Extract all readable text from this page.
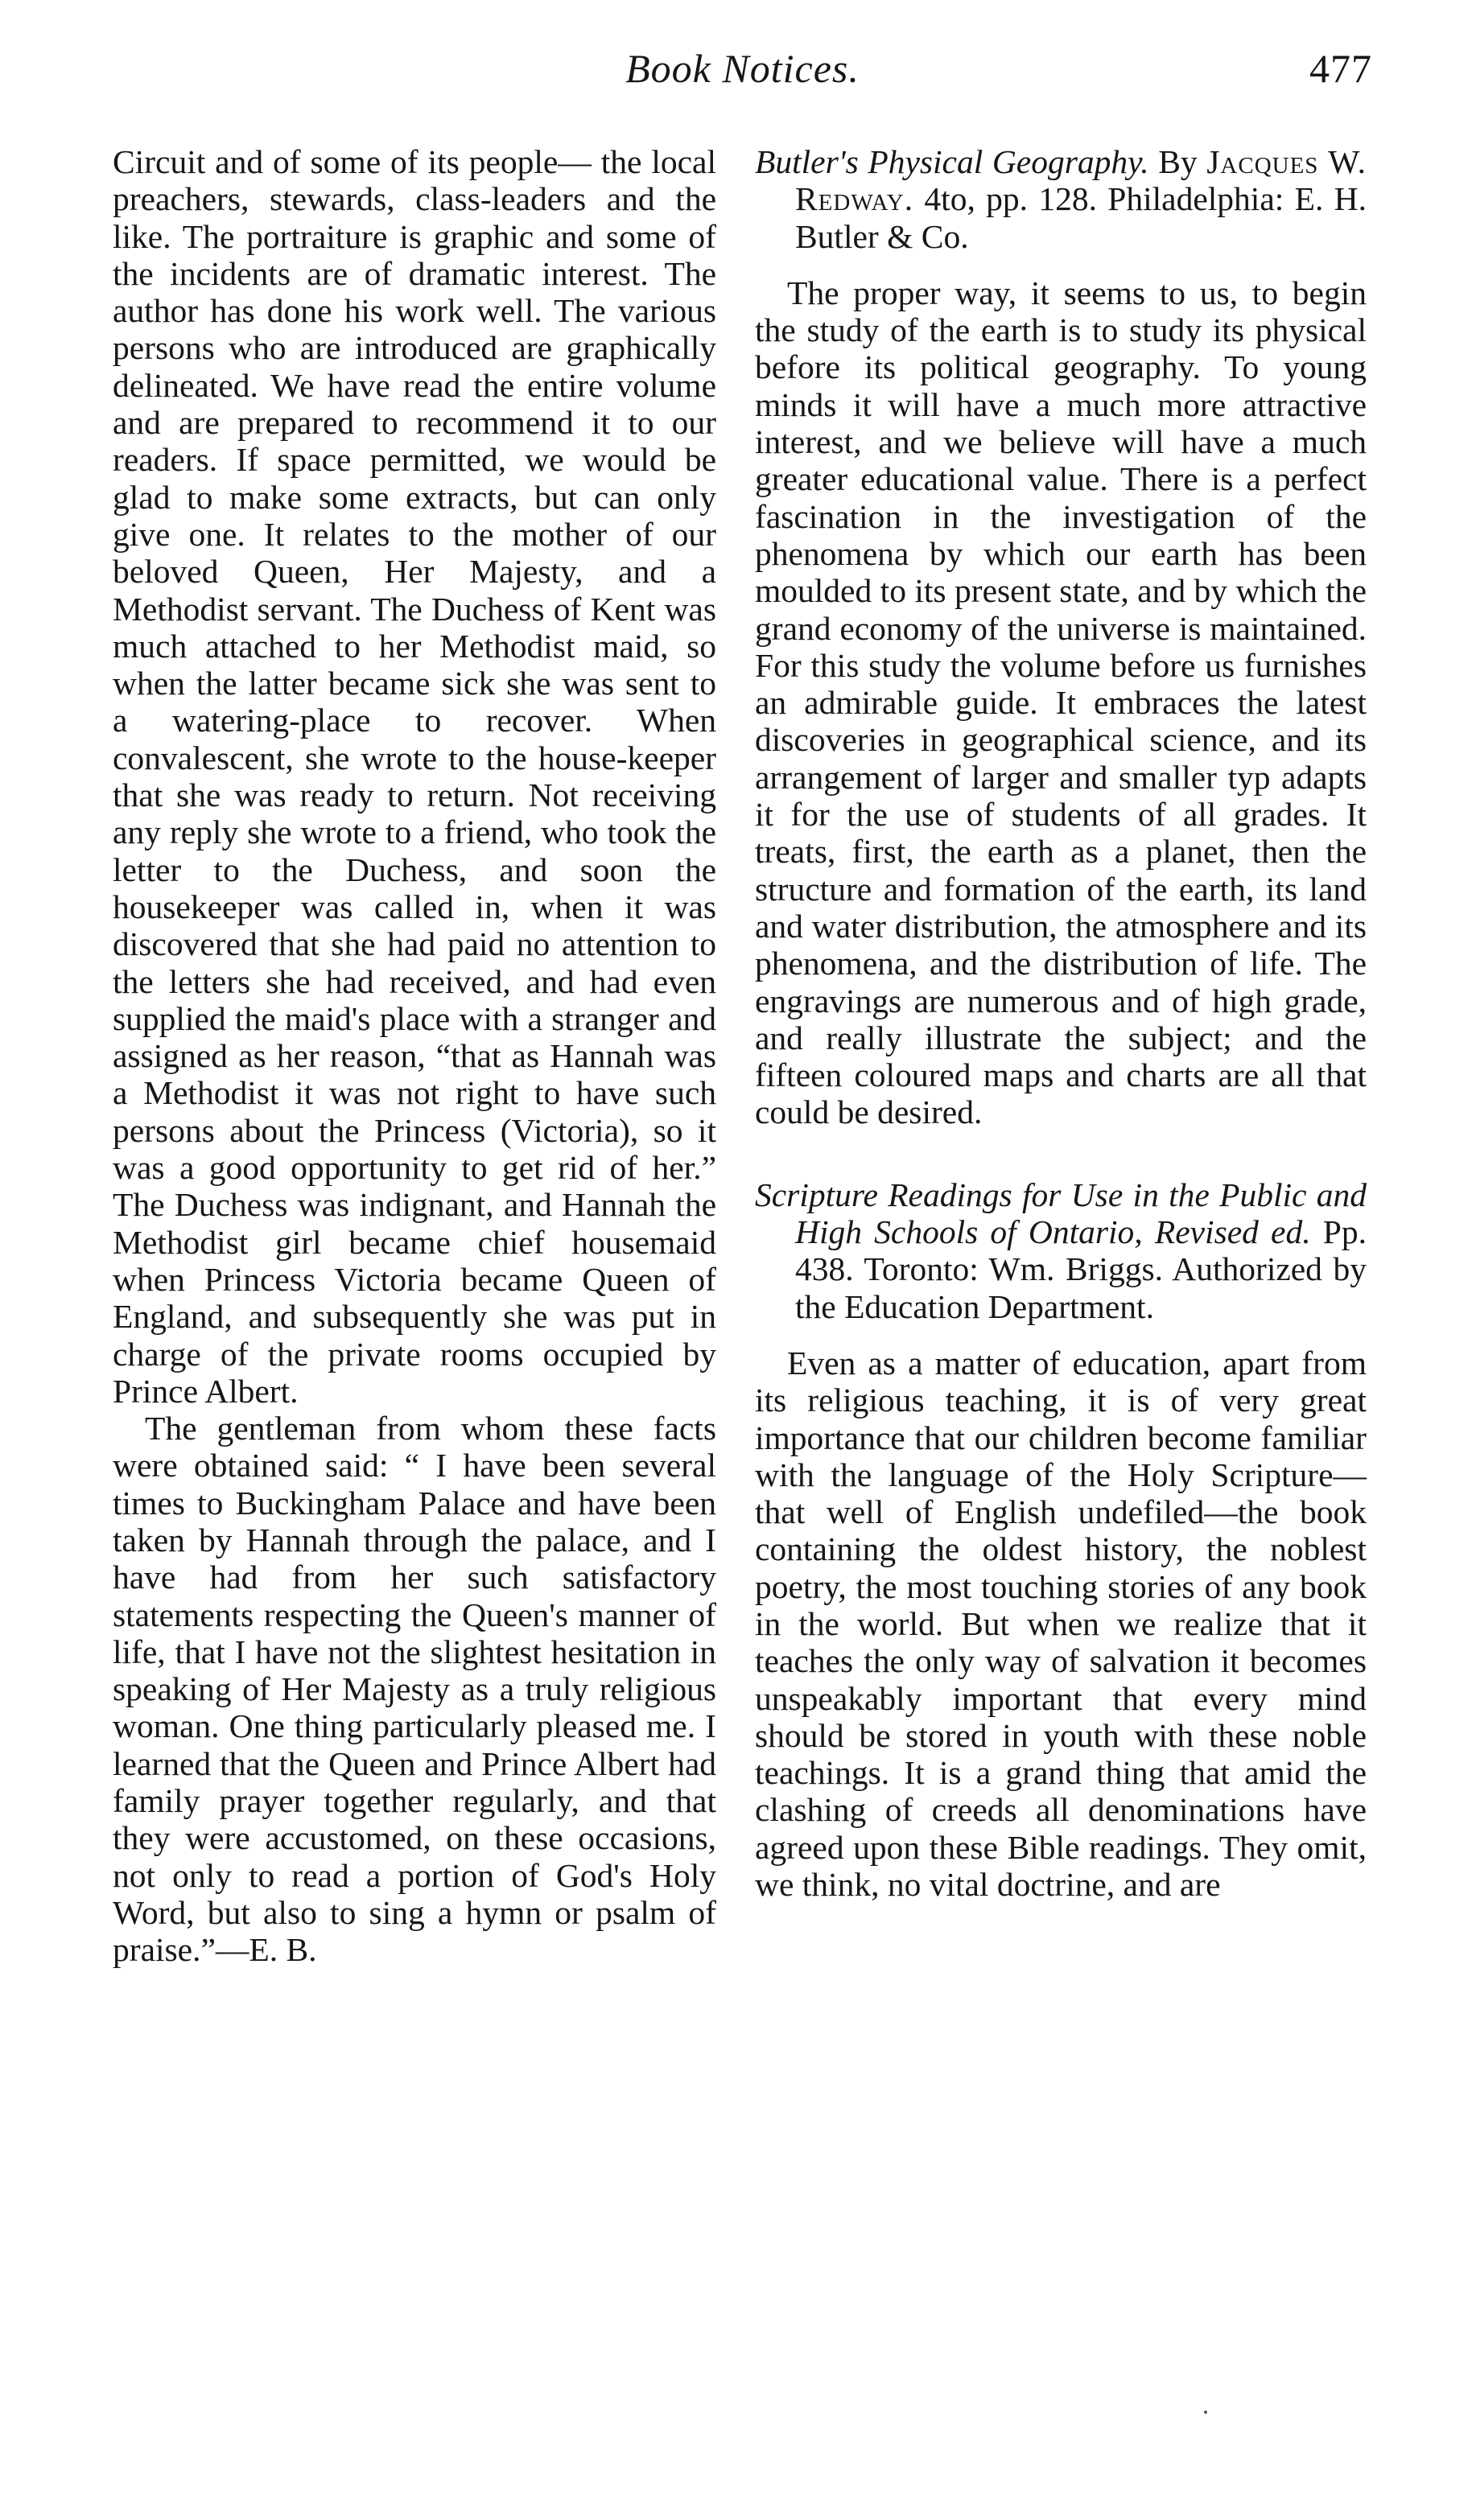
Book Notices.	477

Circuit and of some of its people— the local preachers, stewards, class-leaders and the like. The portraiture is graphic and some of the incidents are of dramatic interest. The author has done his work well. The various persons who are introduced are graphically delineated. We have read the entire volume and are prepared to recommend it to our readers. If space permitted, we would be glad to make some extracts, but can only give one. It relates to the mother of our beloved Queen, Her Majesty, and a Methodist servant. The Duchess of Kent was much attached to her Methodist maid, so when the latter became sick she was sent to a watering-place to recover. When convalescent, she wrote to the house-keeper that she was ready to return. Not receiving any reply she wrote to a friend, who took the letter to the Duchess, and soon the housekeeper was called in, when it was discovered that she had paid no attention to the letters she had received, and had even supplied the maid's place with a stranger and assigned as her reason, “that as Hannah was a Methodist it was not right to have such persons about the Princess (Victoria), so it was a good opportunity to get rid of her.” The Duchess was indignant, and Hannah the Methodist girl became chief housemaid when Princess Victoria became Queen of England, and subsequently she was put in charge of the private rooms occupied by Prince Albert.

The gentleman from whom these facts were obtained said: “ I have been several times to Buckingham Palace and have been taken by Hannah through the palace, and I have had from her such satisfactory statements respecting the Queen's manner of life, that I have not the slightest hesitation in speaking of Her Majesty as a truly religious woman. One thing particularly pleased me. I learned that the Queen and Prince Albert had family prayer together regularly, and that they were accustomed, on these occasions, not only to read a portion of God's Holy Word, but also to sing a hymn or psalm of praise.”—E. B.

Butler's Physical Geography. By Jacques W. Redway. 4to, pp. 128. Philadelphia: E. H. Butler & Co.

The proper way, it seems to us, to begin the study of the earth is to study its physical before its political geography. To young minds it will have a much more attractive interest, and we believe will have a much greater educational value. There is a perfect fascination in the investigation of the phenomena by which our earth has been moulded to its present state, and by which the grand economy of the universe is maintained. For this study the volume before us furnishes an admirable guide. It embraces the latest discoveries in geographical science, and its arrangement of larger and smaller typ adapts it for the use of students of all grades. It treats, first, the earth as a planet, then the structure and formation of the earth, its land and water distribution, the atmosphere and its phenomena, and the distribution of life. The engravings are numerous and of high grade, and really illustrate the subject; and the fifteen coloured maps and charts are all that could be desired.

Scripture Readings for Use in the Public and High Schools of Ontario, Revised ed. Pp. 438. Toronto: Wm. Briggs. Authorized by the Education Department.

Even as a matter of education, apart from its religious teaching, it is of very great importance that our children become familiar with the language of the Holy Scripture— that well of English undefiled—the book containing the oldest history, the noblest poetry, the most touching stories of any book in the world. But when we realize that it teaches the only way of salvation it becomes unspeakably important that every mind should be stored in youth with these noble teachings. It is a grand thing that amid the clashing of creeds all denominations have agreed upon these Bible readings. They omit, we think, no vital doctrine, and are
